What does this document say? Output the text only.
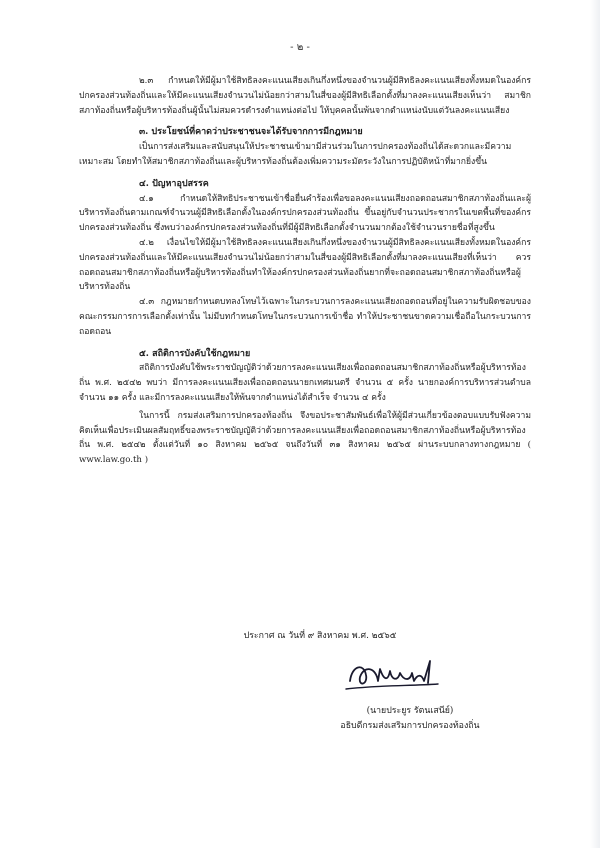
- ๒ -

๒.๓ กำหนดให้มีผู้มาใช้สิทธิลงคะแนนเสียงเกินกึ่งหนึ่งของจำนวนผู้มีสิทธิลงคะแนนเสียงทั้งหมดในองค์กรปกครองส่วนท้องถิ่นและให้มีคะแนนเสียงจำนวนไม่น้อยกว่าสามในสี่ของผู้มีสิทธิเลือกตั้งที่มาลงคะแนนเสียงเห็นว่า สมาชิกสภาท้องถิ่นหรือผู้บริหารท้องถิ่นผู้นั้นไม่สมควรดำรงตำแหน่งต่อไป ให้บุคคลนั้นพ้นจากตำแหน่งนับแต่วันลงคะแนนเสียง

๓. ประโยชน์ที่คาดว่าประชาชนจะได้รับจากการมีกฎหมาย

เป็นการส่งเสริมและสนับสนุนให้ประชาชนเข้ามามีส่วนร่วมในการปกครองท้องถิ่นได้สะดวกและมีความเหมาะสม โดยทำให้สมาชิกสภาท้องถิ่นและผู้บริหารท้องถิ่นต้องเพิ่มความระมัดระวังในการปฏิบัติหน้าที่มากยิ่งขึ้น

๔. ปัญหาอุปสรรค

๔.๑ กำหนดให้สิทธิประชาชนเข้าชื่อยื่นคำร้องเพื่อขอลงคะแนนเสียงถอดถอนสมาชิกสภาท้องถิ่นและผู้บริหารท้องถิ่นตามเกณฑ์จำนวนผู้มีสิทธิเลือกตั้งในองค์กรปกครองส่วนท้องถิ่น ขึ้นอยู่กับจำนวนประชากรในเขตพื้นที่ของค์กรปกครองส่วนท้องถิ่น ซึ่งพบว่าองค์กรปกครองส่วนท้องถิ่นที่มีผู้มีสิทธิเลือกตั้งจำนวนมากต้องใช้จำนวนรายชื่อที่สูงขึ้น

๔.๒ เงื่อนไขให้มีผู้มาใช้สิทธิลงคะแนนเสียงเกินกึ่งหนึ่งของจำนวนผู้มีสิทธิลงคะแนนเสียงทั้งหมดในองค์กรปกครองส่วนท้องถิ่นและให้มีคะแนนเสียงจำนวนไม่น้อยกว่าสามในสี่ของผู้มีสิทธิเลือกตั้งที่มาลงคะแนนเสียงที่เห็นว่า ควรถอดถอนสมาชิกสภาท้องถิ่นหรือผู้บริหารท้องถิ่นทำให้องค์กรปกครองส่วนท้องถิ่นยากที่จะถอดถอนสมาชิกสภาท้องถิ่นหรือผู้บริหารท้องถิ่น

๔.๓ กฎหมายกำหนดบทลงโทษไว้เฉพาะในกระบวนการลงคะแนนเสียงถอดถอนที่อยู่ในความรับผิดชอบของคณะกรรมการการเลือกตั้งเท่านั้น ไม่มีบทกำหนดโทษในกระบวนการเข้าชื่อ ทำให้ประชาชนขาดความเชื่อถือในกระบวนการถอดถอน

๕. สถิติการบังคับใช้กฎหมาย

สถิติการบังคับใช้พระราชบัญญัติว่าด้วยการลงคะแนนเสียงเพื่อถอดถอนสมาชิกสภาท้องถิ่นหรือผู้บริหารท้องถิ่น พ.ศ. ๒๕๔๒ พบว่า มีการลงคะแนนเสียงเพื่อถอดถอนนายกเทศมนตรี จำนวน ๕ ครั้ง นายกองค์การบริหารส่วนตำบล จำนวน ๑๑ ครั้ง และมีการลงคะแนนเสียงให้พ้นจากตำแหน่งได้สำเร็จ จำนวน ๔ ครั้ง

ในการนี้ กรมส่งเสริมการปกครองท้องถิ่น จึงขอประชาสัมพันธ์เพื่อให้ผู้มีส่วนเกี่ยวข้องตอบแบบรับฟังความคิดเห็นเพื่อประเมินผลสัมฤทธิ์ของพระราชบัญญัติว่าด้วยการลงคะแนนเสียงเพื่อถอดถอนสมาชิกสภาท้องถิ่นหรือผู้บริหารท้องถิ่น พ.ศ. ๒๕๔๒ ตั้งแต่วันที่ ๑๐ สิงหาคม ๒๕๖๕ จนถึงวันที่ ๓๑ สิงหาคม ๒๕๖๕ ผ่านระบบกลางทางกฎหมาย ( www.law.go.th )

ประกาศ ณ วันที่ ๙ สิงหาคม พ.ศ. ๒๕๖๕
(นายประยูร รัตนเสนีย์)
อธิบดีกรมส่งเสริมการปกครองท้องถิ่น
